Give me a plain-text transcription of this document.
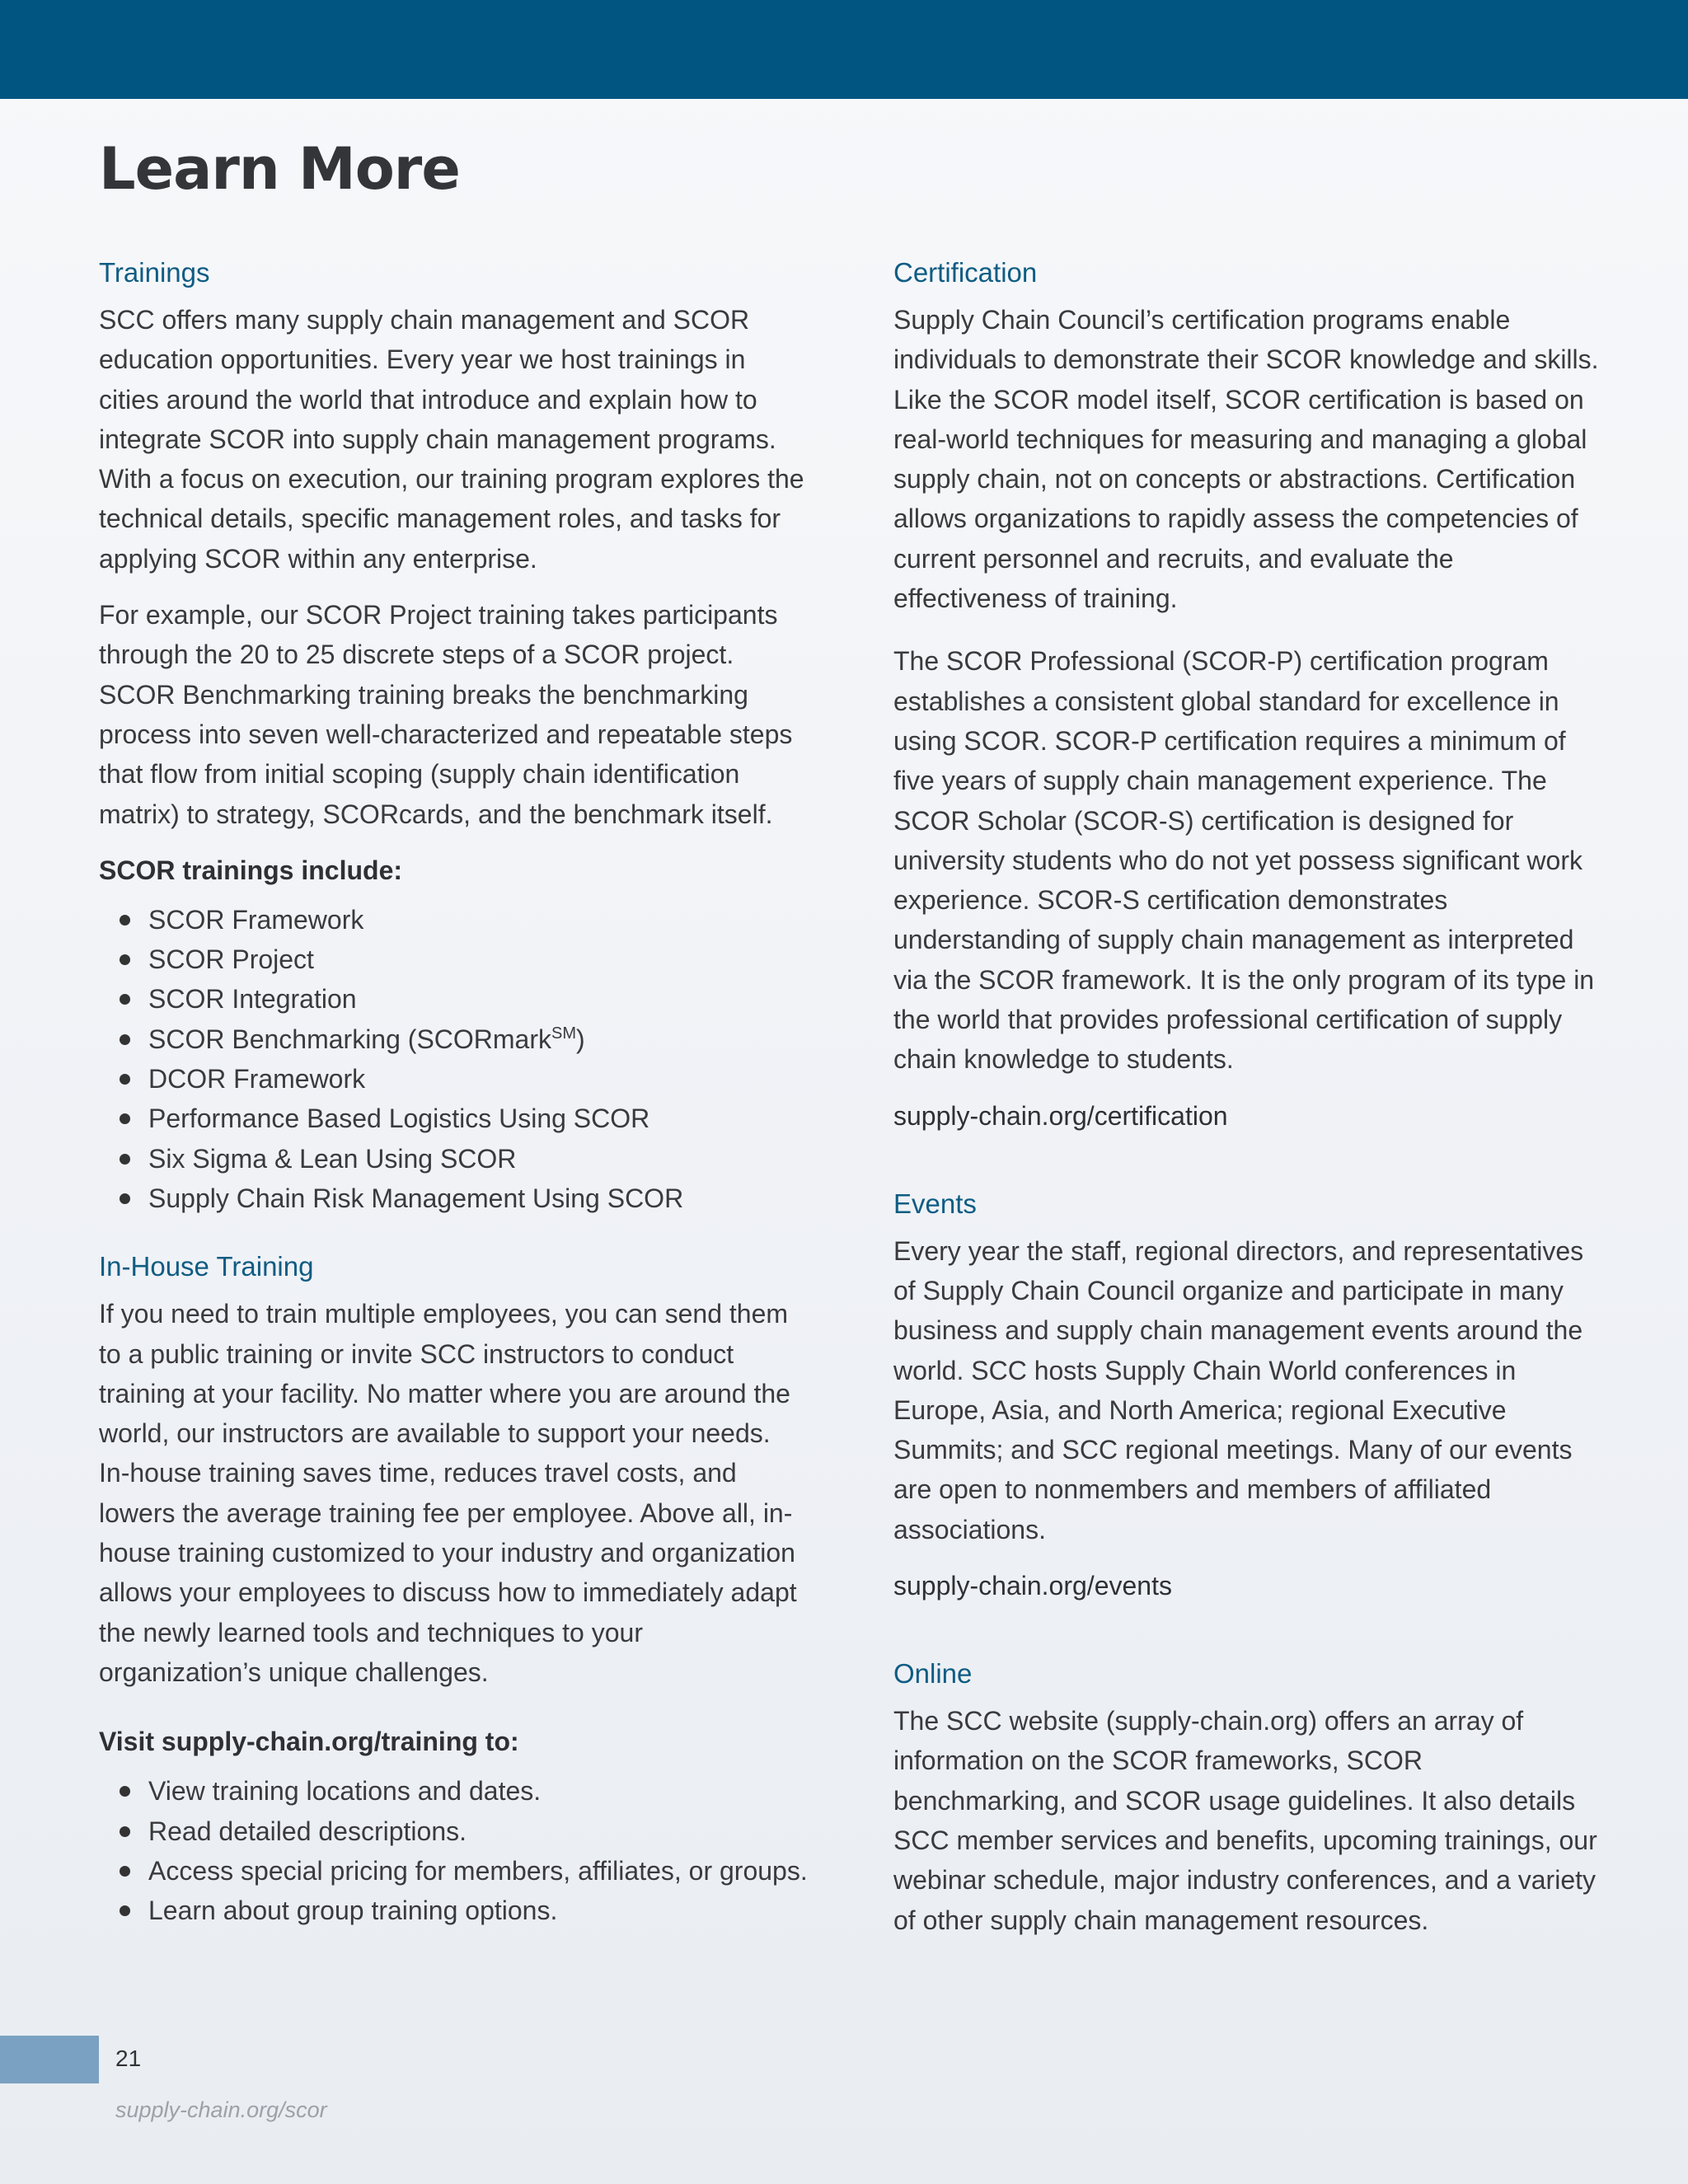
Learn More
Trainings

SCC offers many supply chain management and SCOR education opportunities. Every year we host trainings in cities around the world that introduce and explain how to integrate SCOR into supply chain management programs. With a focus on execution, our training program explores the technical details, specific management roles, and tasks for applying SCOR within any enterprise.

For example, our SCOR Project training takes participants through the 20 to 25 discrete steps of a SCOR project. SCOR Benchmarking training breaks the benchmarking process into seven well-characterized and repeatable steps that flow from initial scoping (supply chain identification matrix) to strategy, SCORcards, and the benchmark itself.

SCOR trainings include:

SCOR Framework
SCOR Project
SCOR Integration
SCOR Benchmarking (SCORmark℠)
DCOR Framework
Performance Based Logistics Using SCOR
Six Sigma & Lean Using SCOR
Supply Chain Risk Management Using SCOR
In-House Training

If you need to train multiple employees, you can send them to a public training or invite SCC instructors to conduct training at your facility. No matter where you are around the world, our instructors are available to support your needs. In-house training saves time, reduces travel costs, and lowers the average training fee per employee. Above all, in-house training customized to your industry and organization allows your employees to discuss how to immediately adapt the newly learned tools and techniques to your organization’s unique challenges.

Visit supply-chain.org/training to:

View training locations and dates.
Read detailed descriptions.
Access special pricing for members, affiliates, or groups.
Learn about group training options.
Certification

Supply Chain Council’s certification programs enable individuals to demonstrate their SCOR knowledge and skills. Like the SCOR model itself, SCOR certification is based on real-world techniques for measuring and managing a global supply chain, not on concepts or abstractions. Certification allows organizations to rapidly assess the competencies of current personnel and recruits, and evaluate the effectiveness of training.

The SCOR Professional (SCOR-P) certification program establishes a consistent global standard for excellence in using SCOR. SCOR-P certification requires a minimum of five years of supply chain management experience. The SCOR Scholar (SCOR-S) certification is designed for university students who do not yet possess significant work experience. SCOR-S certification demonstrates understanding of supply chain management as interpreted via the SCOR framework. It is the only program of its type in the world that provides professional certification of supply chain knowledge to students.

supply-chain.org/certification

Events

Every year the staff, regional directors, and representatives of Supply Chain Council organize and participate in many business and supply chain management events around the world. SCC hosts Supply Chain World conferences in Europe, Asia, and North America; regional Executive Summits; and SCC regional meetings. Many of our events are open to nonmembers and members of affiliated associations.

supply-chain.org/events

Online

The SCC website (supply-chain.org) offers an array of information on the SCOR frameworks, SCOR benchmarking, and SCOR usage guidelines. It also details SCC member services and benefits, upcoming trainings, our webinar schedule, major industry conferences, and a variety of other supply chain management resources.

21
supply-chain.org/scor
